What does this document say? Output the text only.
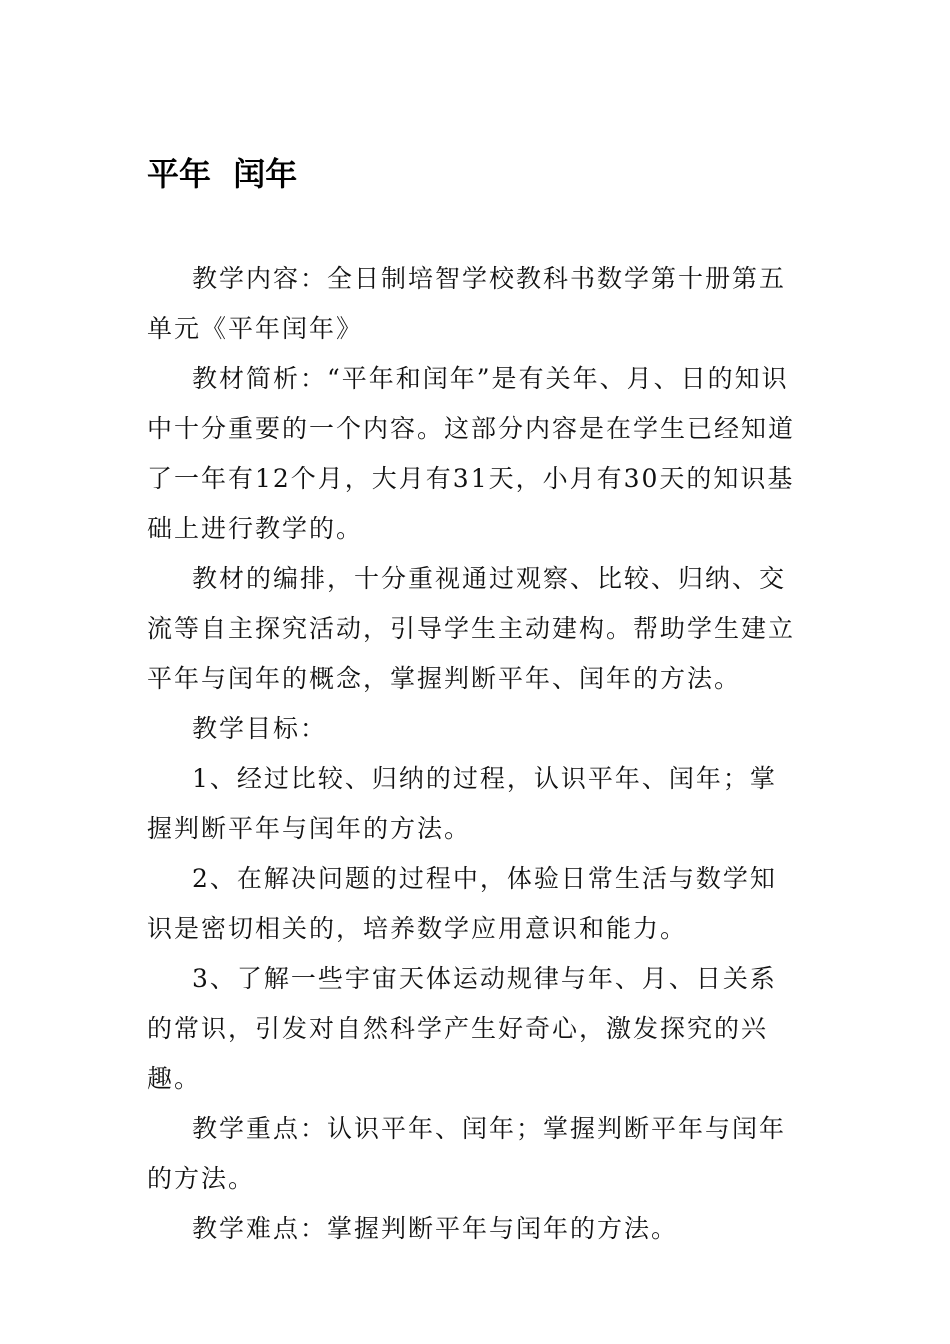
平年  闰年

教学内容：全日制培智学校教科书数学第十册第五单元《平年闰年》

教材简析：“平年和闰年”是有关年、月、日的知识中十分重要的一个内容。这部分内容是在学生已经知道了一年有12个月，大月有31天，小月有30天的知识基础上进行教学的。

教材的编排，十分重视通过观察、比较、归纳、交流等自主探究活动，引导学生主动建构。帮助学生建立平年与闰年的概念，掌握判断平年、闰年的方法。

教学目标：

1、经过比较、归纳的过程，认识平年、闰年；掌握判断平年与闰年的方法。

2、在解决问题的过程中，体验日常生活与数学知识是密切相关的，培养数学应用意识和能力。

3、了解一些宇宙天体运动规律与年、月、日关系的常识，引发对自然科学产生好奇心，激发探究的兴趣。

教学重点：认识平年、闰年；掌握判断平年与闰年的方法。

教学难点：掌握判断平年与闰年的方法。
